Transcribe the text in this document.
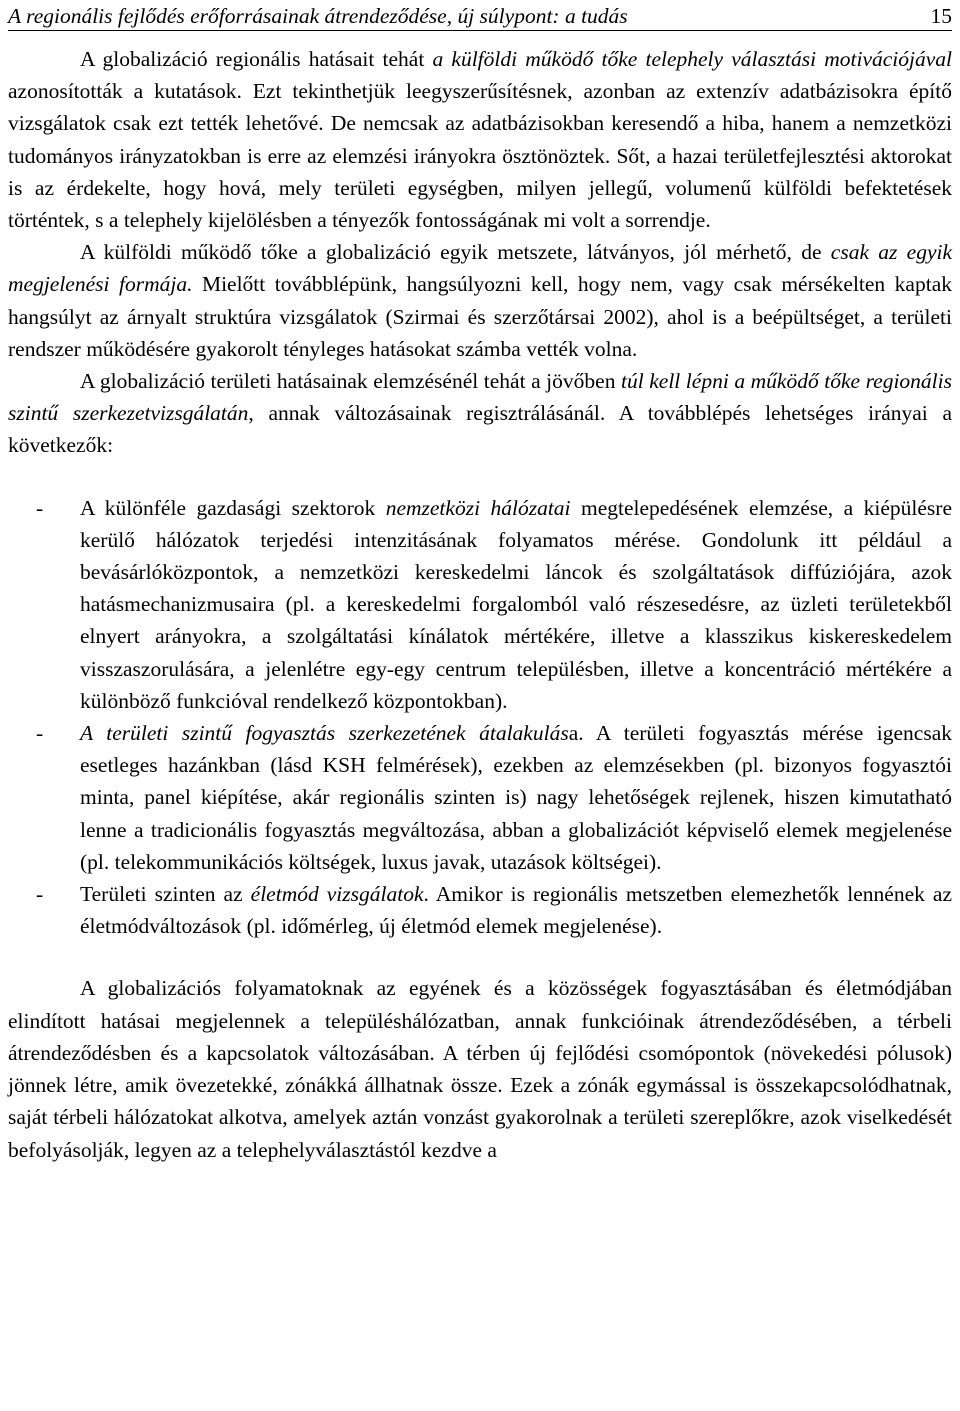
A regionális fejlődés erőforrásainak átrendeződése, új súlypont: a tudás	15

A globalizáció regionális hatásait tehát a külföldi működő tőke telephely választási motivációjával azonosították a kutatások. Ezt tekinthetjük leegyszerűsítésnek, azonban az extenzív adatbázisokra építő vizsgálatok csak ezt tették lehetővé. De nemcsak az adatbázisokban keresendő a hiba, hanem a nemzetközi tudományos irányzatokban is erre az elemzési irányokra ösztönöztek. Sőt, a hazai területfejlesztési aktorokat is az érdekelte, hogy hová, mely területi egységben, milyen jellegű, volumenű külföldi befektetések történtek, s a telephely kijelölésben a tényezők fontosságának mi volt a sorrendje.

A külföldi működő tőke a globalizáció egyik metszete, látványos, jól mérhető, de csak az egyik megjelenési formája. Mielőtt továbblépünk, hangsúlyozni kell, hogy nem, vagy csak mérsékelten kaptak hangsúlyt az árnyalt struktúra vizsgálatok (Szirmai és szerzőtársai 2002), ahol is a beépültséget, a területi rendszer működésére gyakorolt tényleges hatásokat számba vették volna.

A globalizáció területi hatásainak elemzésénél tehát a jövőben túl kell lépni a működő tőke regionális szintű szerkezetvizsgálatán, annak változásainak regisztrálásánál. A továbblépés lehetséges irányai a következők:

- A különféle gazdasági szektorok nemzetközi hálózatai megtelepedésének elemzése, a kiépülésre kerülő hálózatok terjedési intenzitásának folyamatos mérése. Gondolunk itt például a bevásárlóközpontok, a nemzetközi kereskedelmi láncok és szolgáltatások diffúziójára, azok hatásmechanizmusaira (pl. a kereskedelmi forgalomból való részesedésre, az üzleti területekből elnyert arányokra, a szolgáltatási kínálatok mértékére, illetve a klasszikus kiskereskedelem visszaszorulására, a jelenlétre egy-egy centrum településben, illetve a koncentráció mértékére a különböző funkcióval rendelkező központokban).
- A területi szintű fogyasztás szerkezetének átalakulása. A területi fogyasztás mérése igencsak esetleges hazánkban (lásd KSH felmérések), ezekben az elemzésekben (pl. bizonyos fogyasztói minta, panel kiépítése, akár regionális szinten is) nagy lehetőségek rejlenek, hiszen kimutatható lenne a tradicionális fogyasztás megváltozása, abban a globalizációt képviselő elemek megjelenése (pl. telekommunikációs költségek, luxus javak, utazások költségei).
- Területi szinten az életmód vizsgálatok. Amikor is regionális metszetben elemezhetők lennének az életmódváltozások (pl. időmérleg, új életmód elemek megjelenése).

A globalizációs folyamatoknak az egyének és a közösségek fogyasztásában és életmódjában elindított hatásai megjelennek a településhálózatban, annak funkcióinak átrendeződésében, a térbeli átrendeződésben és a kapcsolatok változásában. A térben új fejlődési csomópontok (növekedési pólusok) jönnek létre, amik övezetekké, zónákká állhatnak össze. Ezek a zónák egymással is összekapcsolódhatnak, saját térbeli hálózatokat alkotva, amelyek aztán vonzást gyakorolnak a területi szereplőkre, azok viselkedését befolyásolják, legyen az a telephelyválasztástól kezdve a
